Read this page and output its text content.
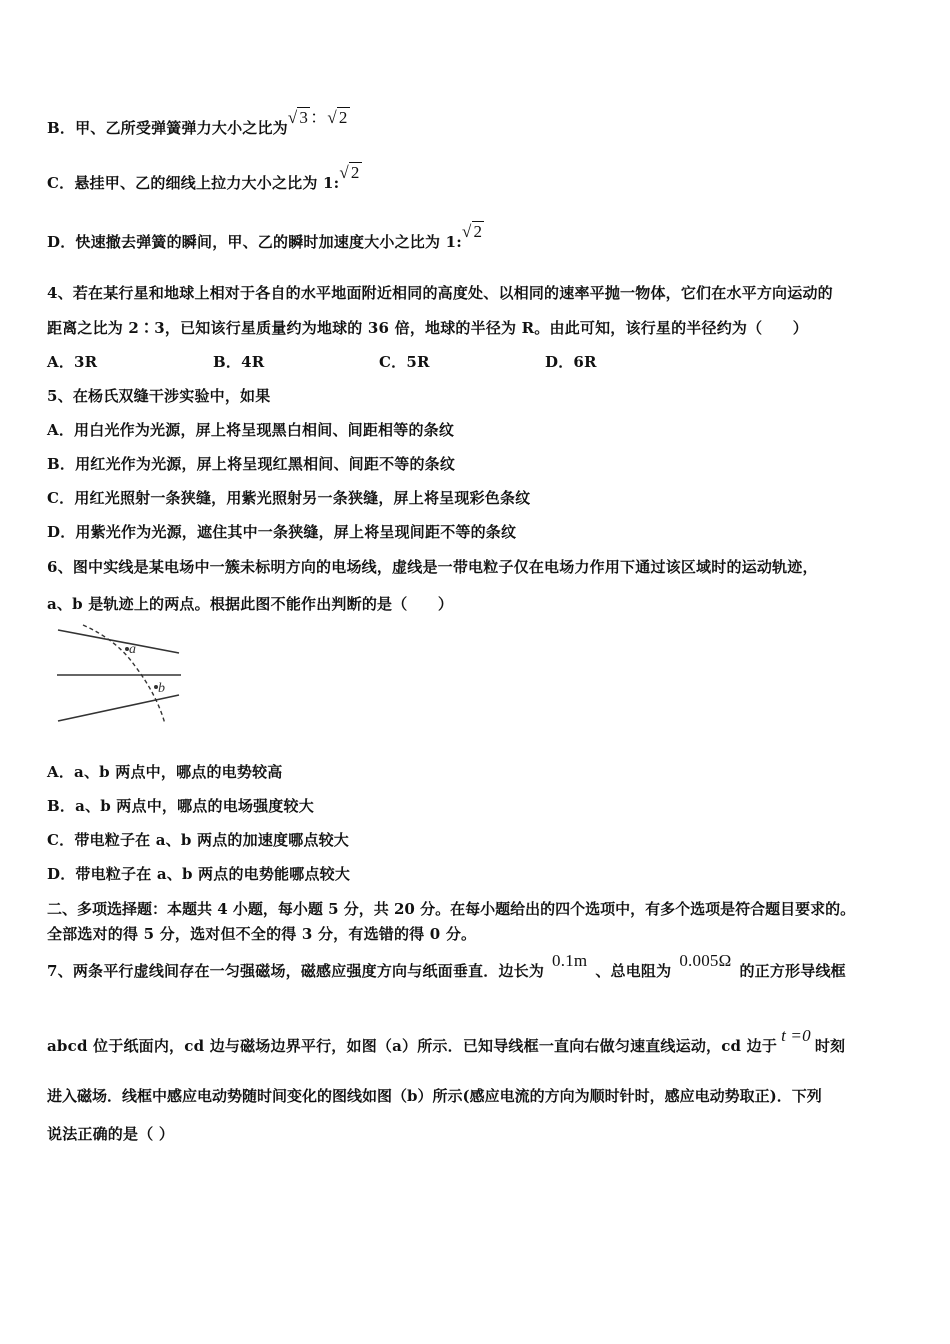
B．甲、乙所受弹簧弹力大小之比为√ 3 ：√ 2
C．悬挂甲、乙的细线上拉力大小之比为 1:√ 2
D．快速撤去弹簧的瞬间，甲、乙的瞬时加速度大小之比为 1:√ 2
4、若在某行星和地球上相对于各自的水平地面附近相同的高度处、以相同的速率平抛一物体，它们在水平方向运动的
距离之比为 2∶3，已知该行星质量约为地球的 36 倍，地球的半径为 R。由此可知，该行星的半径约为（　　）
A．3R	B．4R	C．5R	D．6R
5、在杨氏双缝干涉实验中，如果
A．用白光作为光源，屏上将呈现黑白相间、间距相等的条纹
B．用红光作为光源，屏上将呈现红黑相间、间距不等的条纹
C．用红光照射一条狭缝，用紫光照射另一条狭缝，屏上将呈现彩色条纹
D．用紫光作为光源，遮住其中一条狭缝，屏上将呈现间距不等的条纹
6、图中实线是某电场中一簇未标明方向的电场线，虚线是一带电粒子仅在电场力作用下通过该区域时的运动轨迹，
a、b 是轨迹上的两点。根据此图不能作出判断的是（　　）
a
b
A．a、b 两点中，哪点的电势较高
B．a、b 两点中，哪点的电场强度较大
C．带电粒子在 a、b 两点的加速度哪点较大
D．带电粒子在 a、b 两点的电势能哪点较大
二、多项选择题：本题共 4 小题，每小题 5 分，共 20 分。在每小题给出的四个选项中，有多个选项是符合题目要求的。
全部选对的得 5 分，选对但不全的得 3 分，有选错的得 0 分。
7、两条平行虚线间存在一匀强磁场，磁感应强度方向与纸面垂直．边长为0.1m、总电阻为0.005Ω的正方形导线框
abcd 位于纸面内，cd 边与磁场边界平行，如图（a）所示．已知导线框一直向右做匀速直线运动，cd 边于t =0时刻
进入磁场．线框中感应电动势随时间变化的图线如图（b）所示(感应电流的方向为顺时针时，感应电动势取正)．下列
说法正确的是（ ）
